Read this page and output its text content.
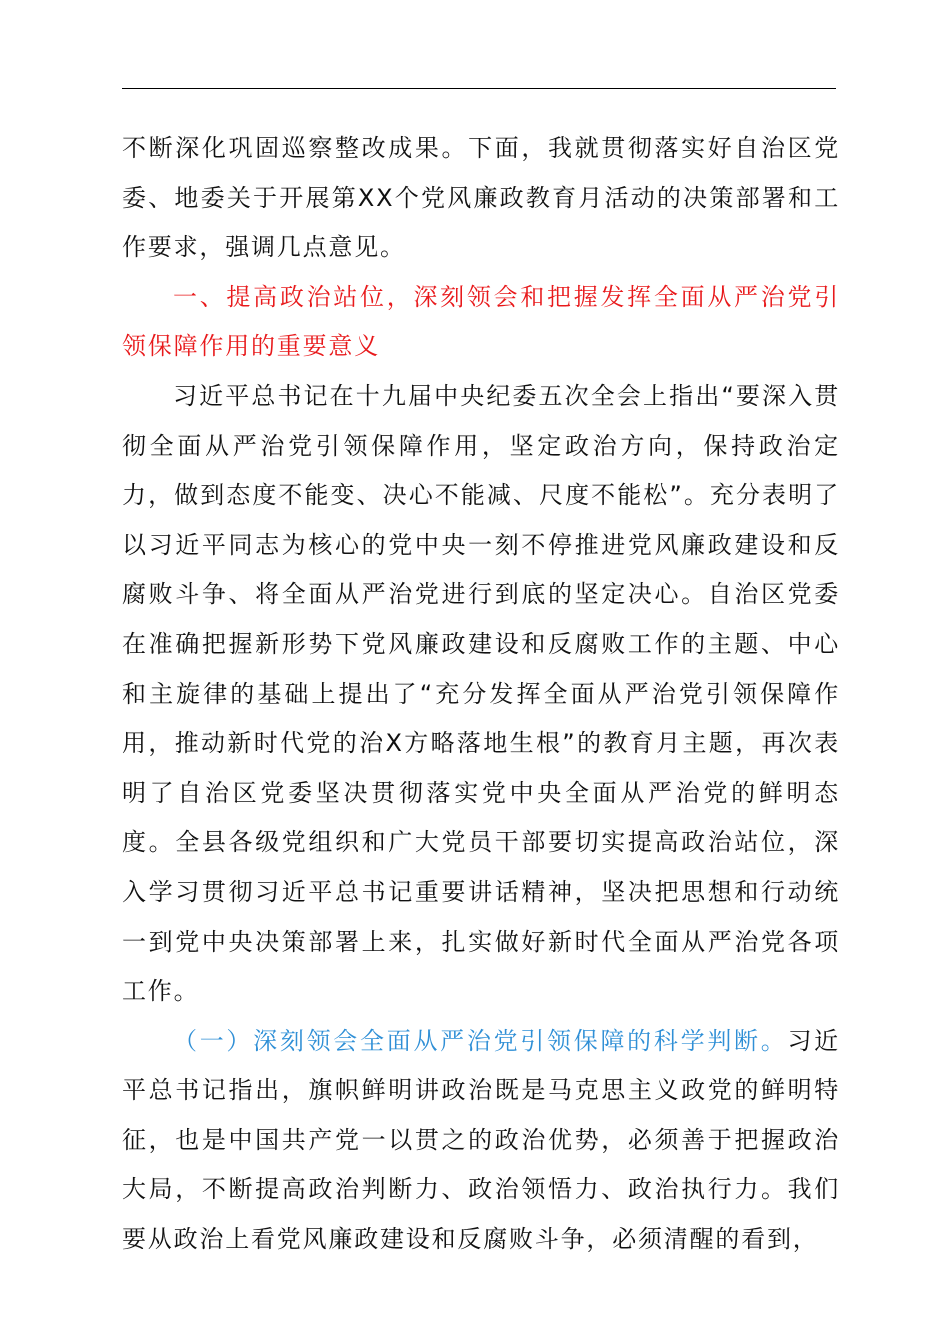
不断深化巩固巡察整改成果。下面，我就贯彻落实好自治区党委、地委关于开展第XX个党风廉政教育月活动的决策部署和工作要求，强调几点意见。

一、提高政治站位，深刻领会和把握发挥全面从严治党引领保障作用的重要意义

习近平总书记在十九届中央纪委五次全会上指出“要深入贯彻全面从严治党引领保障作用，坚定政治方向，保持政治定力，做到态度不能变、决心不能减、尺度不能松”。充分表明了以习近平同志为核心的党中央一刻不停推进党风廉政建设和反腐败斗争、将全面从严治党进行到底的坚定决心。自治区党委在准确把握新形势下党风廉政建设和反腐败工作的主题、中心和主旋律的基础上提出了“充分发挥全面从严治党引领保障作用，推动新时代党的治X方略落地生根”的教育月主题，再次表明了自治区党委坚决贯彻落实党中央全面从严治党的鲜明态度。全县各级党组织和广大党员干部要切实提高政治站位，深入学习贯彻习近平总书记重要讲话精神，坚决把思想和行动统一到党中央决策部署上来，扎实做好新时代全面从严治党各项工作。

（一）深刻领会全面从严治党引领保障的科学判断。习近平总书记指出，旗帜鲜明讲政治既是马克思主义政党的鲜明特征，也是中国共产党一以贯之的政治优势，必须善于把握政治大局，不断提高政治判断力、政治领悟力、政治执行力。我们要从政治上看党风廉政建设和反腐败斗争，必须清醒的看到，
